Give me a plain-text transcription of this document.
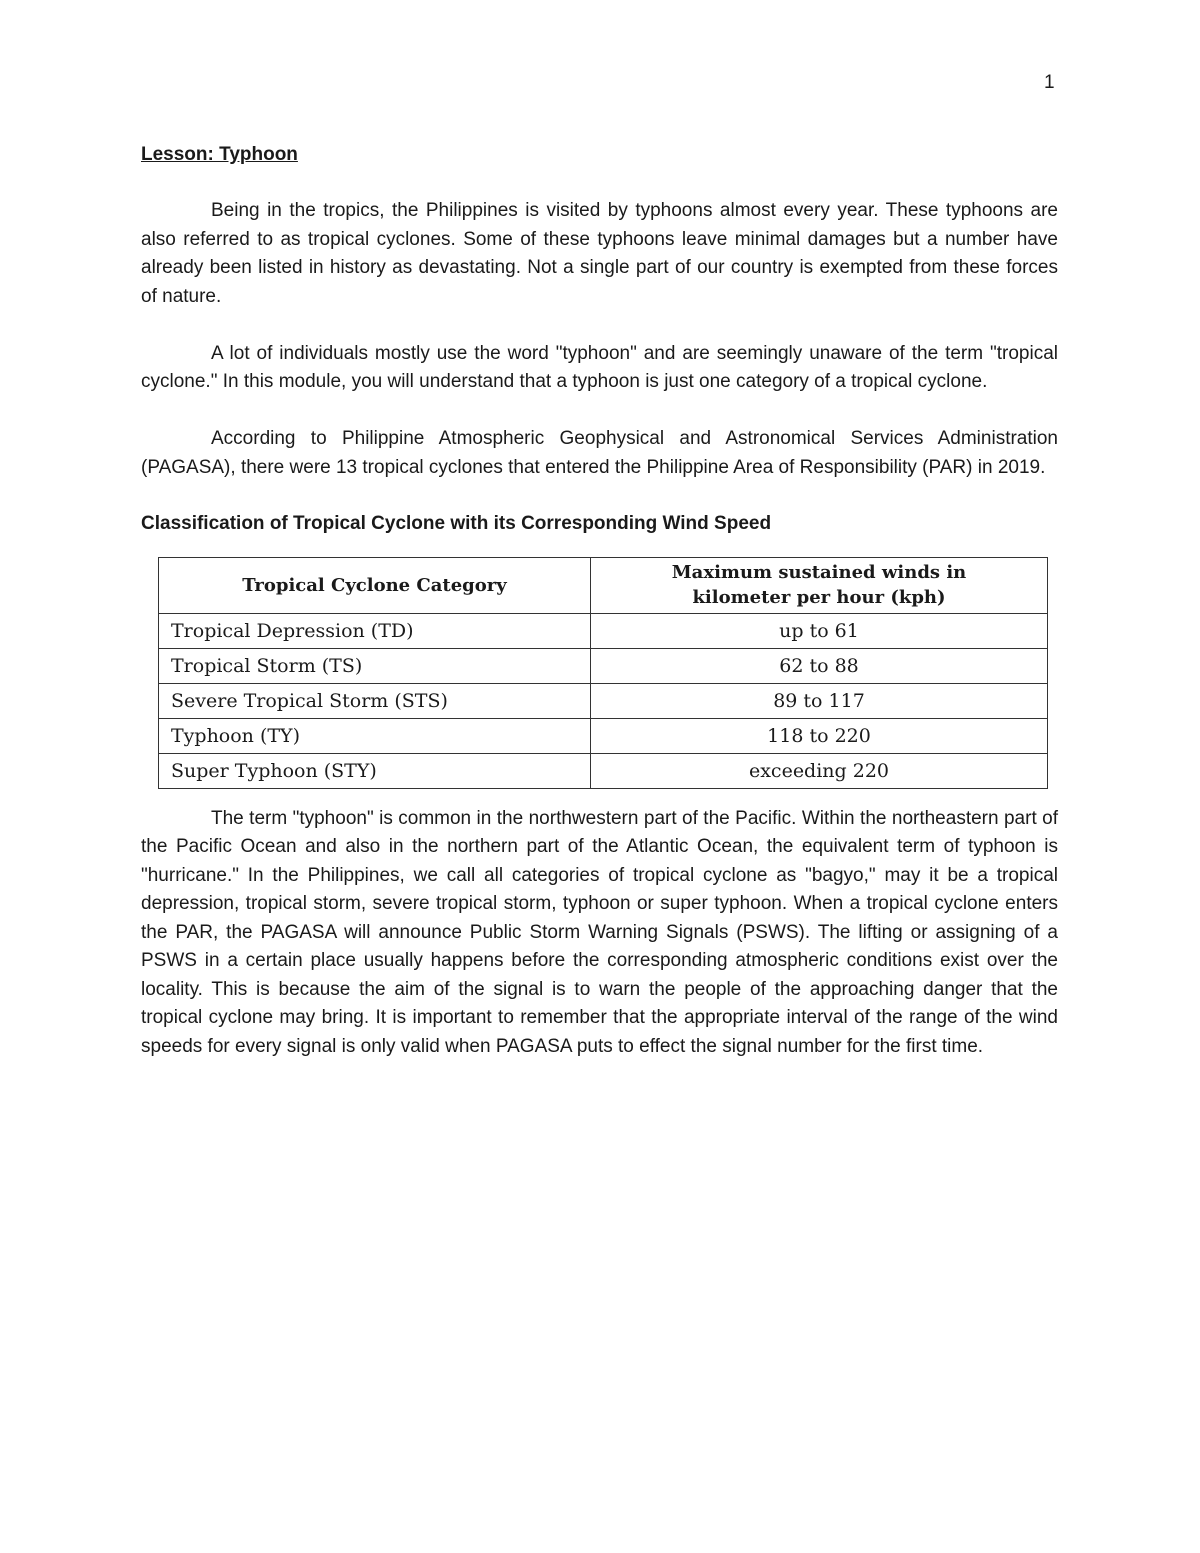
1
Lesson: Typhoon

Being in the tropics, the Philippines is visited by typhoons almost every year. These typhoons are also referred to as tropical cyclones. Some of these typhoons leave minimal damages but a number have already been listed in history as devastating. Not a single part of our country is exempted from these forces of nature.

A lot of individuals mostly use the word "typhoon" and are seemingly unaware of the term "tropical cyclone." In this module, you will understand that a typhoon is just one category of a tropical cyclone.

According to Philippine Atmospheric Geophysical and Astronomical Services Administration (PAGASA), there were 13 tropical cyclones that entered the Philippine Area of Responsibility (PAR) in 2019.

Classification of Tropical Cyclone with its Corresponding Wind Speed
Tropical Cyclone Category	Maximum sustained winds in
kilometer per hour (kph)
Tropical Depression (TD)	up to 61
Tropical Storm (TS)	62 to 88
Severe Tropical Storm (STS)	89 to 117
Typhoon (TY)	118 to 220
Super Typhoon (STY)	exceeding 220

The term "typhoon" is common in the northwestern part of the Pacific. Within the northeastern part of the Pacific Ocean and also in the northern part of the Atlantic Ocean, the equivalent term of typhoon is "hurricane." In the Philippines, we call all categories of tropical cyclone as "bagyo," may it be a tropical depression, tropical storm, severe tropical storm, typhoon or super typhoon. When a tropical cyclone enters the PAR, the PAGASA will announce Public Storm Warning Signals (PSWS). The lifting or assigning of a PSWS in a certain place usually happens before the corresponding atmospheric conditions exist over the locality. This is because the aim of the signal is to warn the people of the approaching danger that the tropical cyclone may bring. It is important to remember that the appropriate interval of the range of the wind speeds for every signal is only valid when PAGASA puts to effect the signal number for the first time.
